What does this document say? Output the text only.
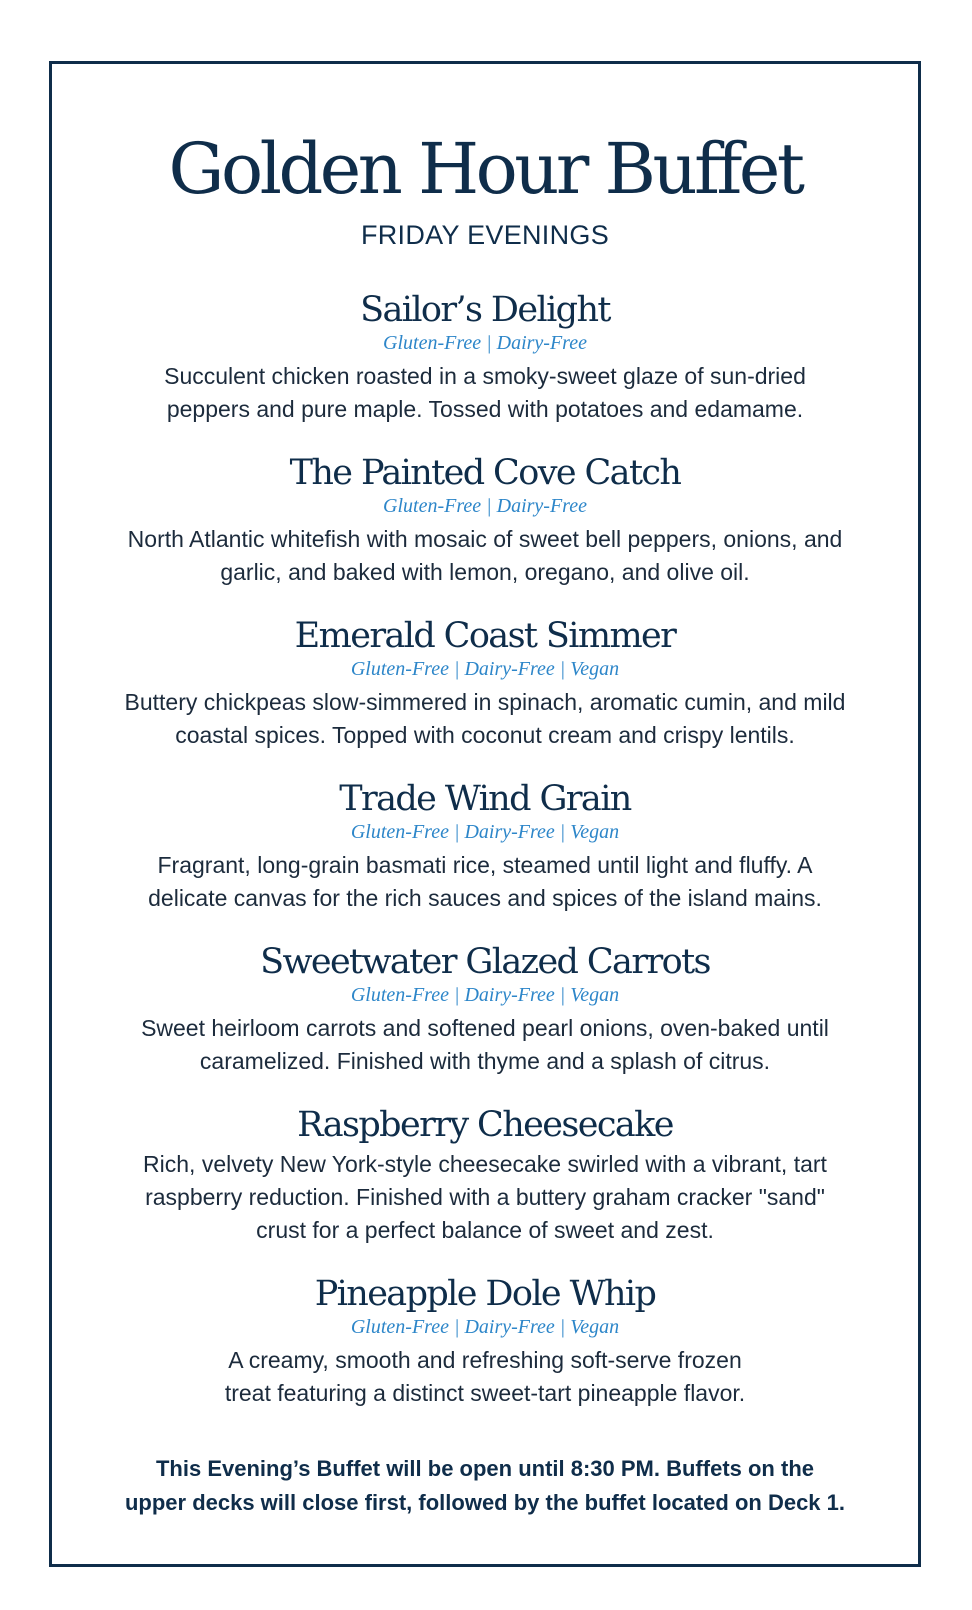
Golden Hour Buffet
FRIDAY EVENINGS
Sailor’s Delight
Gluten-Free | Dairy-Free
Succulent chicken roasted in a smoky-sweet glaze of sun-dried
peppers and pure maple. Tossed with potatoes and edamame.
The Painted Cove Catch
Gluten-Free | Dairy-Free
North Atlantic whitefish with mosaic of sweet bell peppers, onions, and
garlic, and baked with lemon, oregano, and olive oil.
Emerald Coast Simmer
Gluten-Free | Dairy-Free | Vegan
Buttery chickpeas slow-simmered in spinach, aromatic cumin, and mild
coastal spices. Topped with coconut cream and crispy lentils.
Trade Wind Grain
Gluten-Free | Dairy-Free | Vegan
Fragrant, long-grain basmati rice, steamed until light and fluffy. A
delicate canvas for the rich sauces and spices of the island mains.
Sweetwater Glazed Carrots
Gluten-Free | Dairy-Free | Vegan
Sweet heirloom carrots and softened pearl onions, oven-baked until
caramelized. Finished with thyme and a splash of citrus.
Raspberry Cheesecake
Rich, velvety New York-style cheesecake swirled with a vibrant, tart
raspberry reduction. Finished with a buttery graham cracker "sand"
crust for a perfect balance of sweet and zest.
Pineapple Dole Whip
Gluten-Free | Dairy-Free | Vegan
A creamy, smooth and refreshing soft-serve frozen
treat featuring a distinct sweet-tart pineapple flavor.
This Evening’s Buffet will be open until 8:30 PM. Buffets on the
upper decks will close first, followed by the buffet located on Deck 1.
